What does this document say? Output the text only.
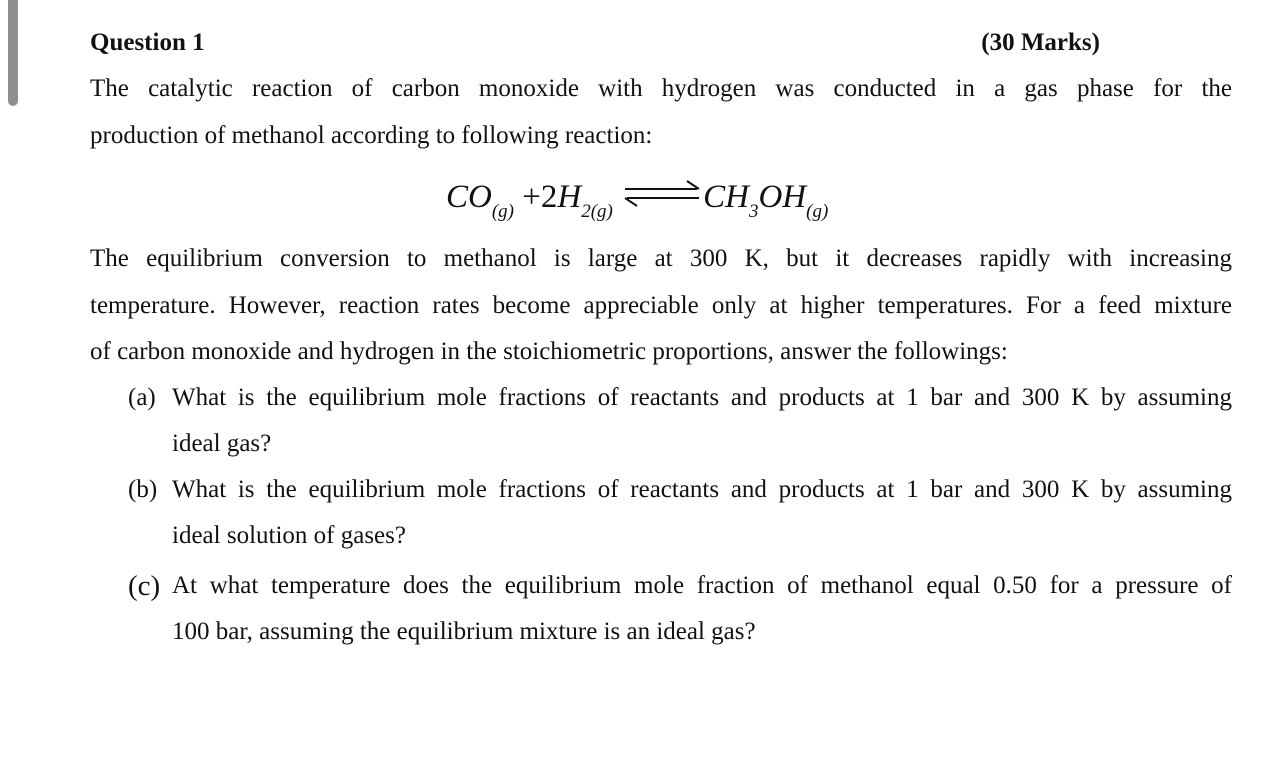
Question 1	(30 Marks)
The catalytic reaction of carbon monoxide with hydrogen was conducted in a gas phase for the
production of methanol according to following reaction:
$CO_{(g)} +2H_{2(g)}$ $\rightleftharpoons CH_3OH_{(g)}$
The equilibrium conversion to methanol is large at 300 K, but it decreases rapidly with increasing
temperature. However, reaction rates become appreciable only at higher temperatures. For a feed mixture
of carbon monoxide and hydrogen in the stoichiometric proportions, answer the followings:
(a) What is the equilibrium mole fractions of reactants and products at 1 bar and 300 K by assuming
ideal gas?
(b) What is the equilibrium mole fractions of reactants and products at 1 bar and 300 K by assuming
ideal solution of gases?
(c) At what temperature does the equilibrium mole fraction of methanol equal 0.50 for a pressure of
100 bar, assuming the equilibrium mixture is an ideal gas?
